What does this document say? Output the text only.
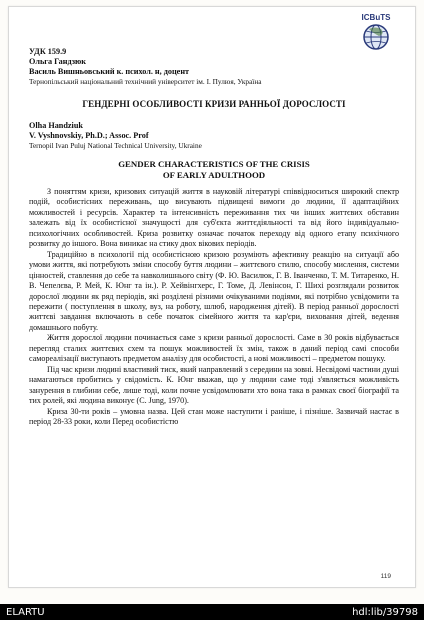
ICBuTS
УДК 159.9
Ольга Гандзюк
Василь Вишньовський к. психол. н, доцент
Тернопільський національний технічний університет ім. І. Пулюя, Україна
ГЕНДЕРНІ ОСОБЛИВОСТІ КРИЗИ РАННЬОЇ ДОРОСЛОСТІ
Olha Handziuk
V. Vyshnovskiy, Ph.D.; Assoc. Prof
Ternopil Ivan Puluj National Technical University, Ukraine
GENDER CHARACTERISTICS OF THE CRISIS
OF EARLY ADULTHOOD

З поняттям кризи, кризових ситуацій життя в науковій літературі співвідноситься широкий спектр подій, особистісних переживань, що висувають підвищені вимоги до людини, її адаптаційних можливостей і ресурсів. Характер та інтенсивність переживання тих чи інших життєвих обставин залежать від їх особистісної значущості для суб'єкта життєдіяльності та від його індивідуально-психологічних особливостей. Криза розвитку означає початок переходу від одного етапу психічного розвитку до іншого. Вона виникає на стику двох вікових періодів.

Традиційно в психології під особистісною кризою розуміють афективну реакцію на ситуації або умови життя, які потребують зміни способу буття людини – життєвого стилю, способу мислення, системи цінностей, ставлення до себе та навколишнього світу (Ф. Ю. Василюк, Г. В. Іванченко, Т. М. Титаренко, Н. В. Чепелєва, Р. Мей, К. Юнг та ін.). Р. Хейвінгхерс, Г. Томе, Д. Левінсон, Г. Шихі розглядали розвиток дорослої людини як ряд періодів, які розділені різними очікуваними подіями, які потрібно усвідомити та пережити ( поступлення в школу, вуз, на роботу, шлюб, народження дітей). В період ранньої дорослості життєві завдання включають в себе початок сімейного життя та кар'єри, виховання дітей, ведення домашнього побуту.

Життя дорослої людини починається саме з кризи ранньої дорослості. Саме в 30 років відбувається перегляд сталих життєвих схем та пошук можливостей їх змін, також в даний період самі способи самореалізації виступають предметом аналізу для особистості, а нові можливості – предметом пошуку.

Під час кризи людині властивий тиск, який направлений з середини на зовні. Несвідомі частини душі намагаються пробитись у свідомість. К. Юнг вважав, що у людини саме тоді з'являється можливість занурення в глибини себе, лише тоді, коли почне усвідомлювати хто вона така в рамках своєї біографії та тих ролей, які людина виконує (C. Jung, 1970).

Криза 30-ти років – умовна назва. Цей стан може наступити і раніше, і пізніше. Зазвичай настає в період 28-33 роки, коли Перед особистістю

119
ELARTU	hdl:lib/39798
